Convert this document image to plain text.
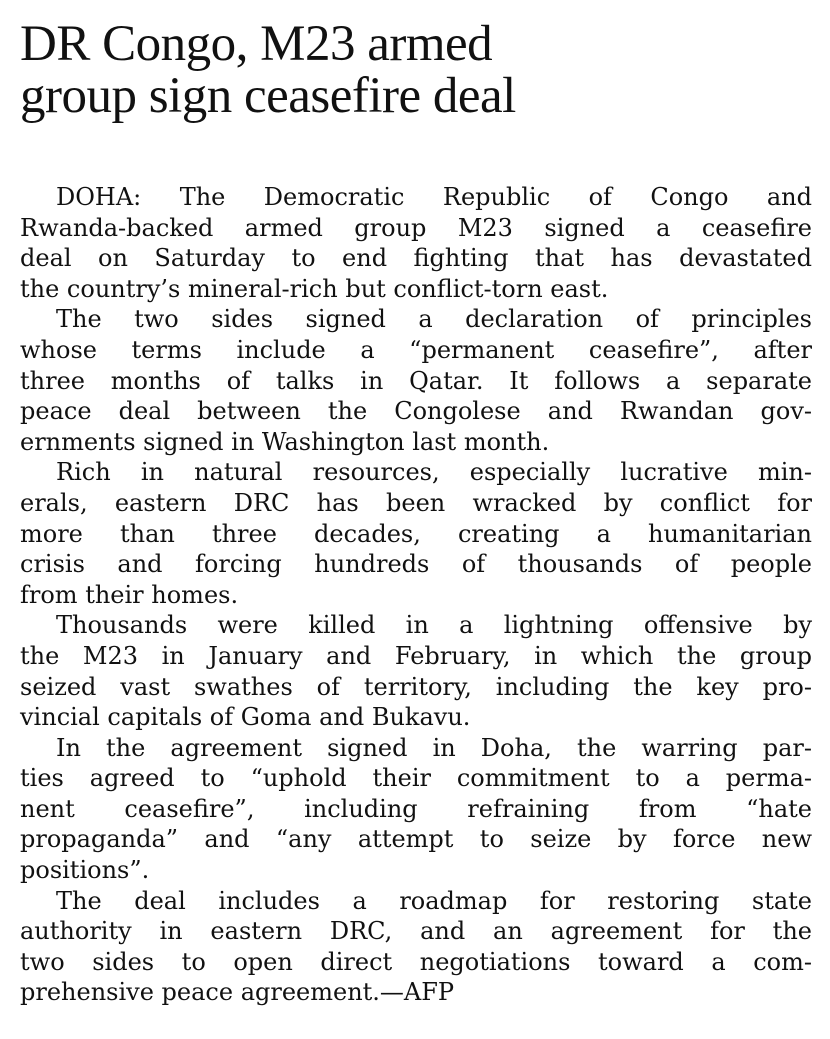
DR Congo, M23 armed
group sign ceasefire deal

DOHA: The Democratic Republic of Congo and
Rwanda-backed armed group M23 signed a ceasefire
deal on Saturday to end fighting that has devastated
the country’s mineral-rich but conflict-torn east.

The two sides signed a declaration of principles
whose terms include a “permanent ceasefire”, after
three months of talks in Qatar. It follows a separate
peace deal between the Congolese and Rwandan gov-
ernments signed in Washington last month.

Rich in natural resources, especially lucrative min-
erals, eastern DRC has been wracked by conflict for
more than three decades, creating a humanitarian
crisis and forcing hundreds of thousands of people
from their homes.

Thousands were killed in a lightning offensive by
the M23 in January and February, in which the group
seized vast swathes of territory, including the key pro-
vincial capitals of Goma and Bukavu.

In the agreement signed in Doha, the warring par-
ties agreed to “uphold their commitment to a perma-
nent ceasefire”, including refraining from “hate
propaganda” and “any attempt to seize by force new
positions”.

The deal includes a roadmap for restoring state
authority in eastern DRC, and an agreement for the
two sides to open direct negotiations toward a com-
prehensive peace agreement.—AFP
